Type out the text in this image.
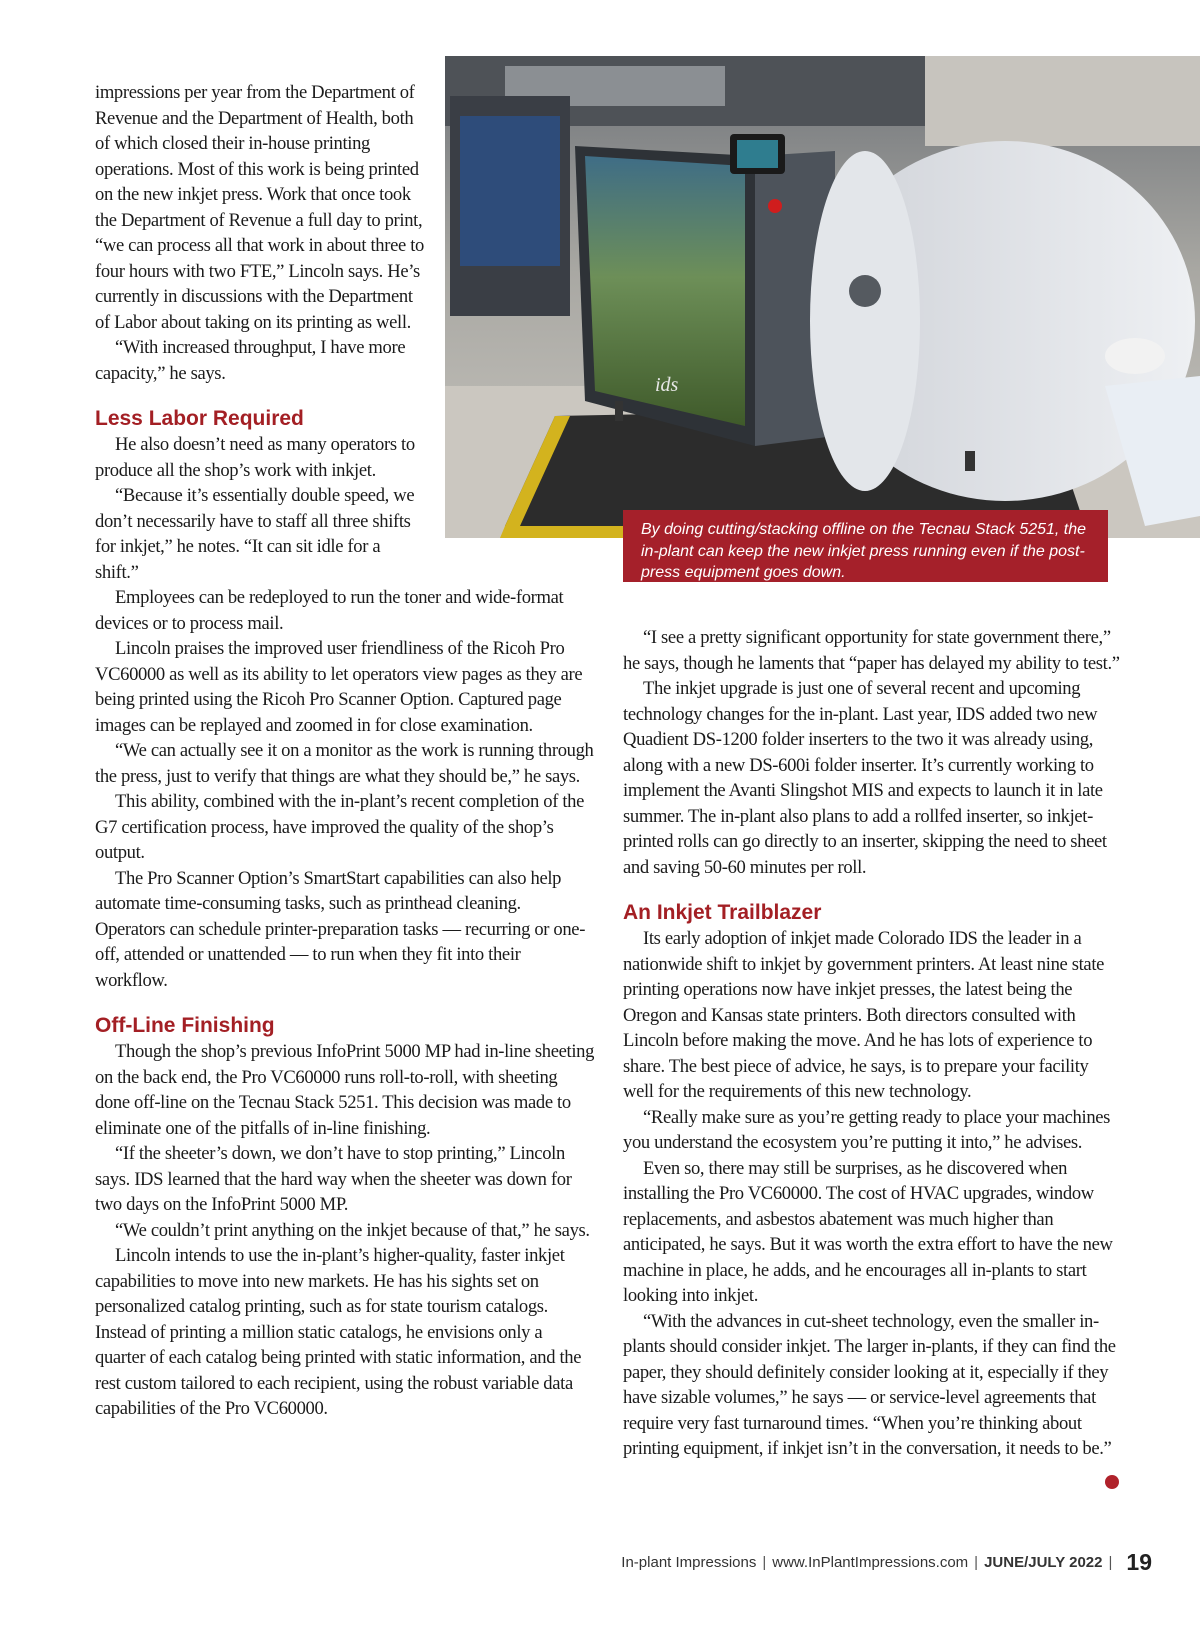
ids
By doing cutting/stacking offline on the Tecnau Stack 5251, the in-plant can keep the new inkjet press running even if the post-press equipment goes down.

impressions per year from the Department of Revenue and the Department of Health, both of which closed their in-house printing operations. Most of this work is being printed on the new inkjet press. Work that once took the Department of Revenue a full day to print, “we can process all that work in about three to four hours with two FTE,” Lincoln says. He’s currently in discussions with the Department of Labor about taking on its printing as well.

“With increased throughput, I have more capacity,” he says.

Less Labor Required

He also doesn’t need as many operators to produce all the shop’s work with inkjet.

“Because it’s essentially double speed, we don’t necessarily have to staff all three shifts for inkjet,” he notes. “It can sit idle for a shift.”

Employees can be redeployed to run the toner and wide-format devices or to process mail.

Lincoln praises the improved user friendliness of the Ricoh Pro VC60000 as well as its ability to let operators view pages as they are being printed using the Ricoh Pro Scanner Option. Captured page images can be replayed and zoomed in for close examination.

“We can actually see it on a monitor as the work is running through the press, just to verify that things are what they should be,” he says.

This ability, combined with the in-plant’s recent completion of the G7 certification process, have improved the quality of the shop’s output.

The Pro Scanner Option’s SmartStart capabilities can also help automate time-consuming tasks, such as printhead cleaning. Operators can schedule printer-preparation tasks — recurring or one-off, attended or unattended — to run when they fit into their workflow.

Off-Line Finishing

Though the shop’s previous InfoPrint 5000 MP had in-line sheeting on the back end, the Pro VC60000 runs roll-to-roll, with sheeting done off-line on the Tecnau Stack 5251. This decision was made to eliminate one of the pitfalls of in-line finishing.

“If the sheeter’s down, we don’t have to stop printing,” Lincoln says. IDS learned that the hard way when the sheeter was down for two days on the InfoPrint 5000 MP.

“We couldn’t print anything on the inkjet because of that,” he says.

Lincoln intends to use the in-plant’s higher-quality, faster inkjet capabilities to move into new markets. He has his sights set on personalized catalog printing, such as for state tourism catalogs. Instead of printing a million static catalogs, he envisions only a quarter of each catalog being printed with static information, and the rest custom tailored to each recipient, using the robust variable data capabilities of the Pro VC60000.

“I see a pretty significant opportunity for state government there,” he says, though he laments that “paper has delayed my ability to test.”

The inkjet upgrade is just one of several recent and upcoming technology changes for the in-plant. Last year, IDS added two new Quadient DS-1200 folder inserters to the two it was already using, along with a new DS-600i folder inserter. It’s currently working to implement the Avanti Slingshot MIS and expects to launch it in late summer. The in-plant also plans to add a rollfed inserter, so inkjet-printed rolls can go directly to an inserter, skipping the need to sheet and saving 50-60 minutes per roll.

An Inkjet Trailblazer

Its early adoption of inkjet made Colorado IDS the leader in a nationwide shift to inkjet by government printers. At least nine state printing operations now have inkjet presses, the latest being the Oregon and Kansas state printers. Both directors consulted with Lincoln before making the move. And he has lots of experience to share. The best piece of advice, he says, is to prepare your facility well for the requirements of this new technology.

“Really make sure as you’re getting ready to place your machines you understand the ecosystem you’re putting it into,” he advises.

Even so, there may still be surprises, as he discovered when installing the Pro VC60000. The cost of HVAC upgrades, window replacements, and asbestos abatement was much higher than anticipated, he says. But it was worth the extra effort to have the new machine in place, he adds, and he encourages all in-plants to start looking into inkjet.

“With the advances in cut-sheet technology, even the smaller in-plants should consider inkjet. The larger in-plants, if they can find the paper, they should definitely consider looking at it, especially if they have sizable volumes,” he says — or service-level agreements that require very fast turnaround times. “When you’re thinking about printing equipment, if inkjet isn’t in the conversation, it needs to be.”

In-plant Impressions | www.InPlantImpressions.com | JUNE/JULY 2022 | 19
